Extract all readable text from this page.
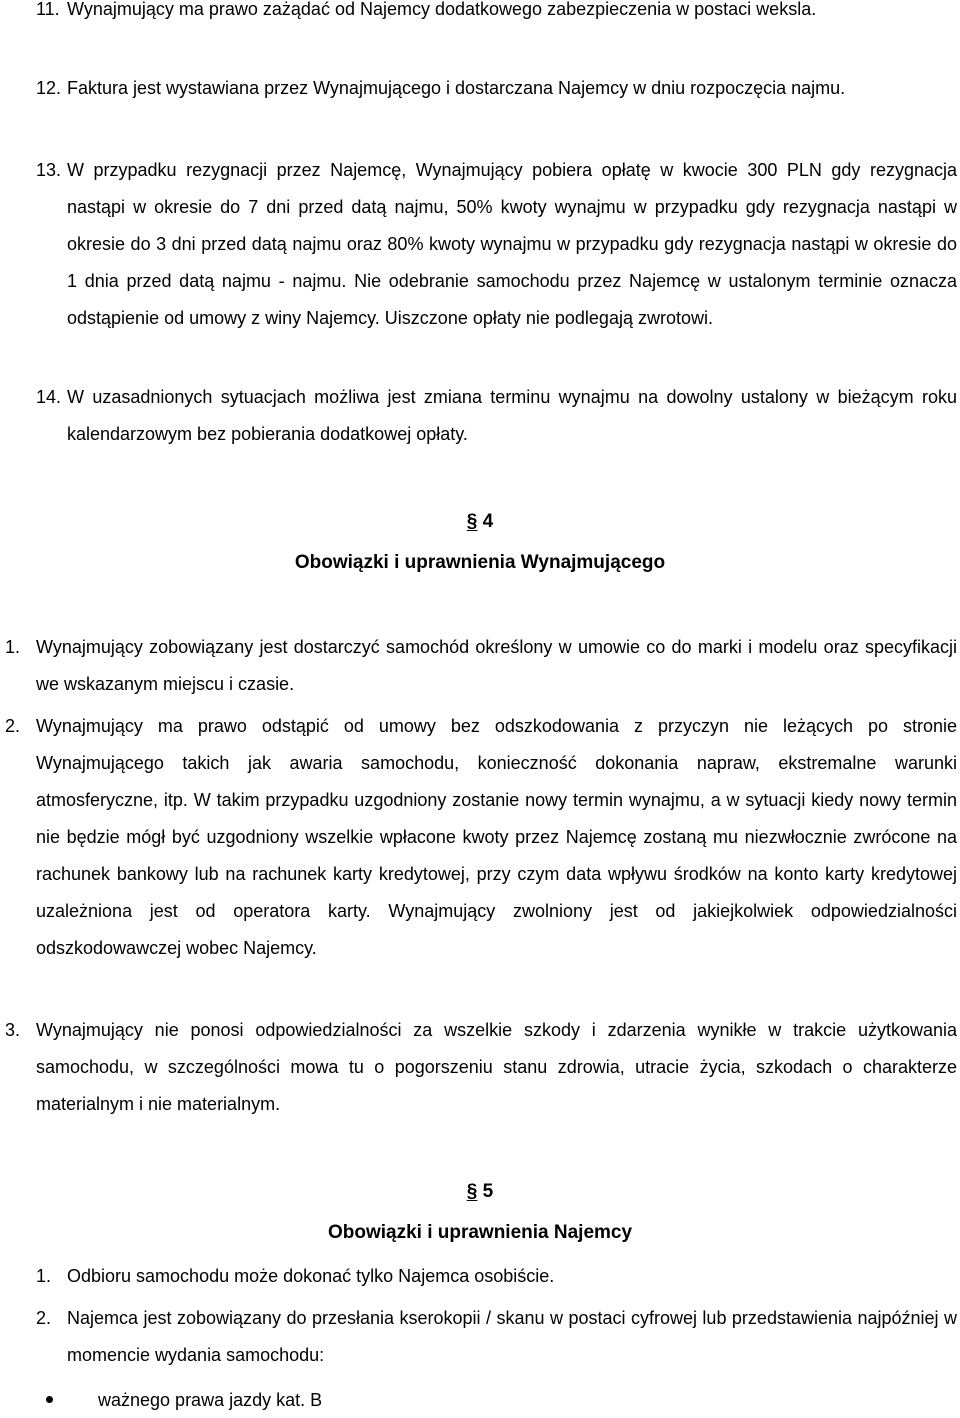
11. Wynajmujący ma prawo zażądać od Najemcy dodatkowego zabezpieczenia w postaci weksla.
12. Faktura jest wystawiana przez Wynajmującego i dostarczana Najemcy w dniu rozpoczęcia najmu.
13. W przypadku rezygnacji przez Najemcę, Wynajmujący pobiera opłatę w kwocie 300 PLN gdy rezygnacja nastąpi w okresie do 7 dni przed datą najmu, 50% kwoty wynajmu w przypadku gdy rezygnacja nastąpi w okresie do 3 dni przed datą najmu oraz 80% kwoty wynajmu w przypadku gdy rezygnacja nastąpi w okresie do 1 dnia przed datą najmu - najmu. Nie odebranie samochodu przez Najemcę w ustalonym terminie oznacza odstąpienie od umowy z winy Najemcy. Uiszczone opłaty nie podlegają zwrotowi.
14. W uzasadnionych sytuacjach możliwa jest zmiana terminu wynajmu na dowolny ustalony w bieżącym roku kalendarzowym bez pobierania dodatkowej opłaty.
§ 4
Obowiązki i uprawnienia Wynajmującego
1. Wynajmujący zobowiązany jest dostarczyć samochód określony w umowie co do marki i modelu oraz specyfikacji we wskazanym miejscu i czasie.
2. Wynajmujący ma prawo odstąpić od umowy bez odszkodowania z przyczyn nie leżących po stronie Wynajmującego takich jak awaria samochodu, konieczność dokonania napraw, ekstremalne warunki atmosferyczne, itp. W takim przypadku uzgodniony zostanie nowy termin wynajmu, a w sytuacji kiedy nowy termin nie będzie mógł być uzgodniony wszelkie wpłacone kwoty przez Najemcę zostaną mu niezwłocznie zwrócone na rachunek bankowy lub na rachunek karty kredytowej, przy czym data wpływu środków na konto karty kredytowej uzależniona jest od operatora karty. Wynajmujący zwolniony jest od jakiejkolwiek odpowiedzialności odszkodowawczej wobec Najemcy.
3. Wynajmujący nie ponosi odpowiedzialności za wszelkie szkody i zdarzenia wynikłe w trakcie użytkowania samochodu, w szczególności mowa tu o pogorszeniu stanu zdrowia, utracie życia, szkodach o charakterze materialnym i nie materialnym.
§ 5
Obowiązki i uprawnienia Najemcy
1. Odbioru samochodu może dokonać tylko Najemca osobiście.
2. Najemca jest zobowiązany do przesłania kserokopii / skanu w postaci cyfrowej lub przedstawienia najpóźniej w momencie wydania samochodu:
ważnego prawa jazdy kat. B
